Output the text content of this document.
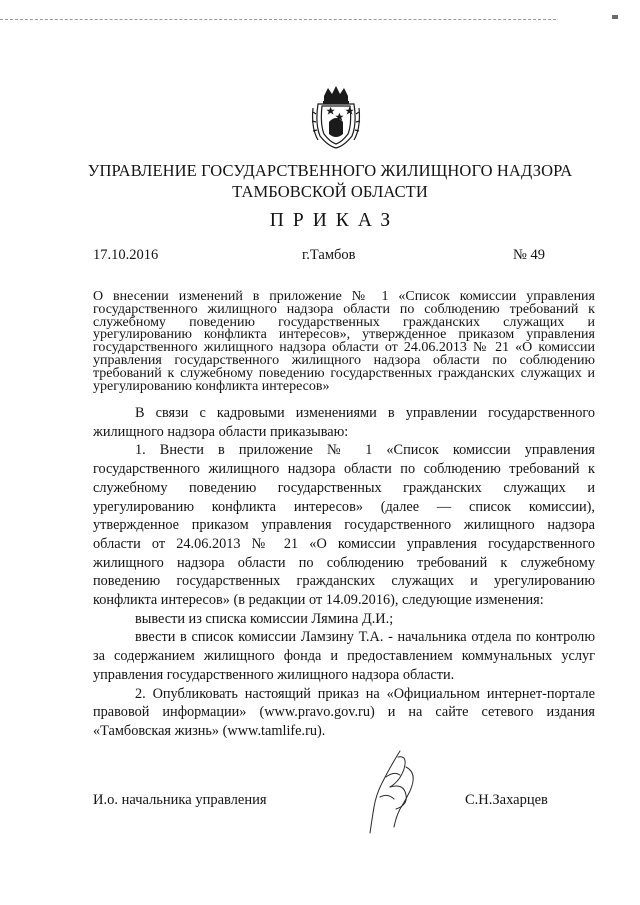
УПРАВЛЕНИЕ ГОСУДАРСТВЕННОГО ЖИЛИЩНОГО НАДЗОРА
ТАМБОВСКОЙ ОБЛАСТИ
ПРИКАЗ
17.10.2016	г.Тамбов	№ 49
О внесении изменений в приложение № 1 «Список комиссии управления государственного жилищного надзора области по соблюдению требований к служебному поведению государственных гражданских служащих и урегулированию конфликта интересов», утвержденное приказом управления государственного жилищного надзора области от 24.06.2013 № 21 «О комиссии управления государственного жилищного надзора области по соблюдению требований к служебному поведению государственных гражданских служащих и урегулированию конфликта интересов»

В связи с кадровыми изменениями в управлении государственного жилищного надзора области приказываю:

1. Внести в приложение № 1 «Список комиссии управления государственного жилищного надзора области по соблюдению требований к служебному поведению государственных гражданских служащих и урегулированию конфликта интересов» (далее — список комиссии), утвержденное приказом управления государственного жилищного надзора области от 24.06.2013 № 21 «О комиссии управления государственного жилищного надзора области по соблюдению требований к служебному поведению государственных гражданских служащих и урегулированию конфликта интересов» (в редакции от 14.09.2016), следующие изменения:

вывести из списка комиссии Лямина Д.И.;

ввести в список комиссии Ламзину Т.А. - начальника отдела по контролю за содержанием жилищного фонда и предоставлением коммунальных услуг управления государственного жилищного надзора области.

2. Опубликовать настоящий приказ на «Официальном интернет-портале правовой информации» (www.pravo.gov.ru) и на сайте сетевого издания «Тамбовская жизнь» (www.tamlife.ru).

И.о. начальника управления	С.Н.Захарцев
